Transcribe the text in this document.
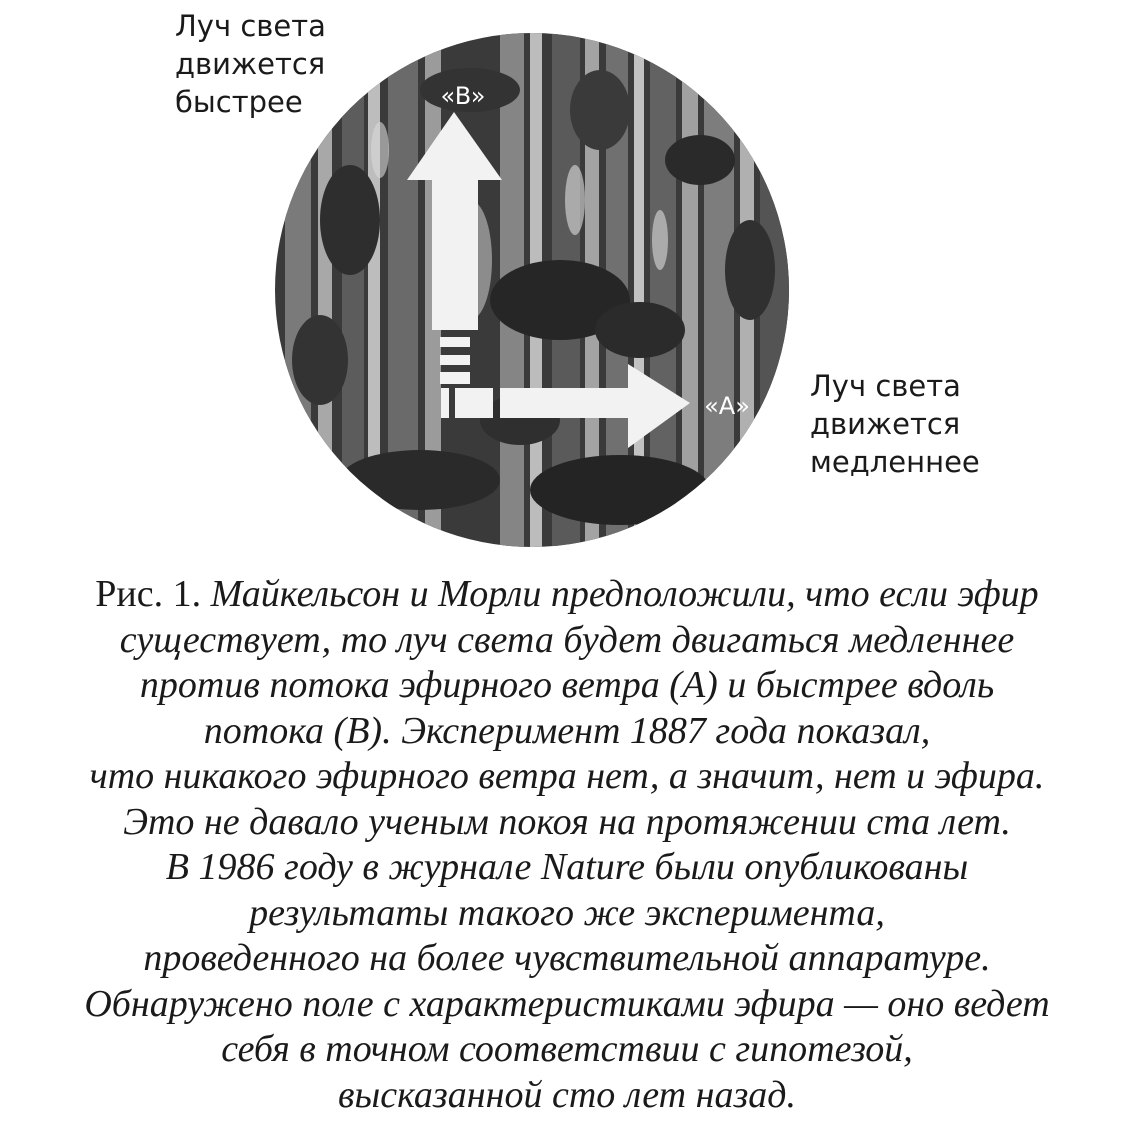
«B»
«A»
Луч света
движется
быстрее
Луч света
движется
медленнее
Рис. 1. Майкельсон и Морли предположили, что если эфир
существует, то луч света будет двигаться медленнее
против потока эфирного ветра (А) и быстрее вдоль
потока (В). Эксперимент 1887 года показал,
что никакого эфирного ветра нет, а значит, нет и эфира.
Это не давало ученым покоя на протяжении ста лет.
В 1986 году в журнале Nature были опубликованы
результаты такого же эксперимента,
проведенного на более чувствительной аппаратуре.
Обнаружено поле с характеристиками эфира — оно ведет
себя в точном соответствии с гипотезой,
высказанной сто лет назад.
